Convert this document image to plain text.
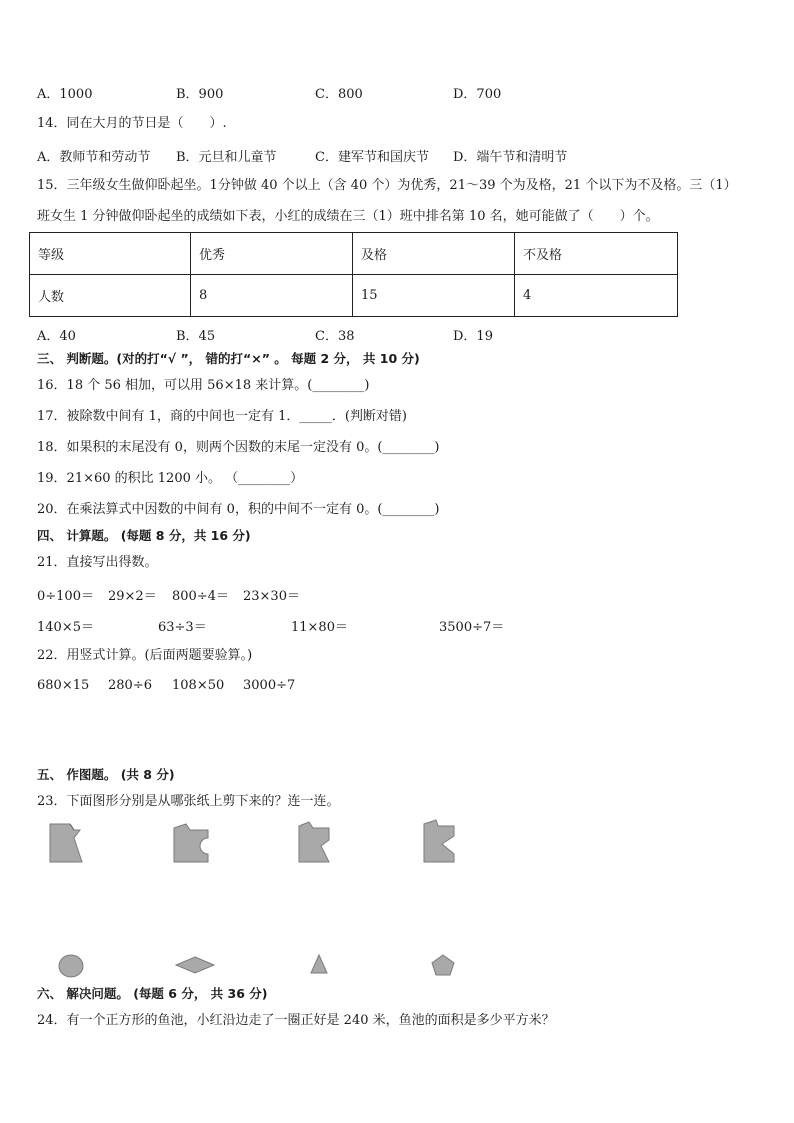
A．1000	B．900	C．800	D．700
14．同在大月的节日是（　　）.
A．教师节和劳动节 B．元旦和儿童节	C．建军节和国庆节 D．端午节和清明节
15．三年级女生做仰卧起坐。1分钟做 40 个以上（含 40 个）为优秀，21～39 个为及格，21 个以下为不及格。三（1）
班女生 1 分钟做仰卧起坐的成绩如下表，小红的成绩在三（1）班中排名第 10 名，她可能做了（　　）个。
等级	优秀	及格	不及格
人数	8	15	4
A．40	B．45	C．38	D．19
三、 判断题。(对的打“√ ”， 错的打“×” 。 每题 2 分， 共 10 分)
16．18 个 56 相加，可以用 56×18 来计算。(________)
17．被除数中间有 1，商的中间也一定有 1．_____．(判断对错)
18．如果积的末尾没有 0，则两个因数的末尾一定没有 0。(________)
19．21×60 的积比 1200 小。 （________）
20．在乘法算式中因数的中间有 0，积的中间不一定有 0。(________)
四、 计算题。 (每题 8 分，共 16 分)
21．直接写出得数。
0÷100＝ 29×2＝ 800÷4＝ 23×30＝
140×5＝	63÷3＝	11×80＝	3500÷7＝
22．用竖式计算。(后面两题要验算。)
680×15 280÷6 108×50 3000÷7
五、 作图题。 (共 8 分)
23．下面图形分别是从哪张纸上剪下来的？连一连。
六、 解决问题。 (每题 6 分， 共 36 分)
24．有一个正方形的鱼池，小红沿边走了一圈正好是 240 米，鱼池的面积是多少平方米？
